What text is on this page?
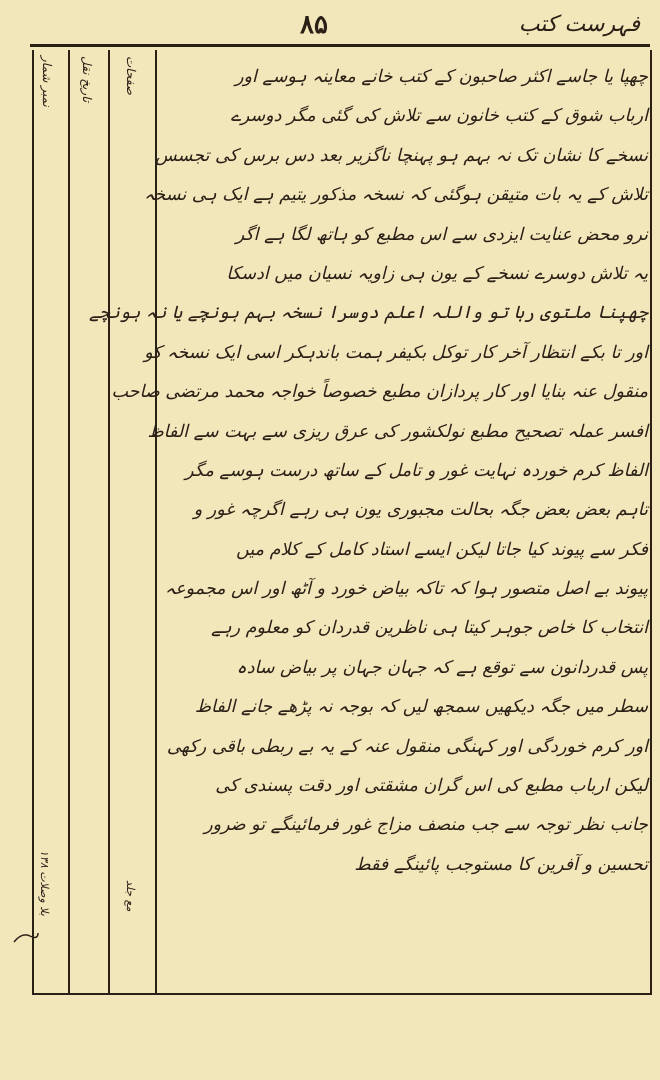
فہرست کتب
۸۵
نمبر شمار تاریخ نقل	صفحات
مع جلد
بلا وصلات ۱۳۸
چھپا یا جاسے اکثر صاحبون کے کتب خانے معاینہ ہوسے اور
ارباب شوق کے کتب خانون سے تلاش کی گئی مگر دوسرے
نسخے کا نشان تک نہ بہم ہو پہنچا ناگزیر بعد دس برس کی تجسس
تلاش کے یہ بات متیقن ہوگئی کہ نسخہ مذکور یتیم ہے ایک ہی نسخہ
نرو محض عنایت ایزدی سے اس مطبع کو ہاتھ لگا ہے اگر
یہ تلاش دوسرے نسخے کے یون ہی زاویہ نسیان میں ادسکا
چھپنا ملتوی رہا تو واللہ اعلم دوسرا نسخہ بہم ہونچے یا نہ ہونچے
اور تا بکے انتظار آخر کار توکل بکیفر ہمت باندہکر اسی ایک نسخہ کو
منقول عنہ بنایا اور کار پردازان مطبع خصوصاً خواجہ محمد مرتضی صاحب
افسر عملہ تصحیح مطبع نولکشور کی عرق ریزی سے بہت سے الفاظ
الفاظ کرم خوردہ نہایت غور و تامل کے ساتھ درست ہوسے مگر
تاہم بعض بعض جگہ بحالت مجبوری یون ہی رہے اگرچہ غور و
فکر سے پیوند کیا جاتا لیکن ایسے استاد کامل کے کلام میں
پیوند بے اصل متصور ہوا کہ تاکہ بیاض خورد و آٹھ اور اس مجموعہ
انتخاب کا خاص جوہر کیتا ہی ناظرین قدردان کو معلوم رہے
پس قدردانون سے توقع ہے کہ جہان جہان پر بیاض سادہ
سطر میں جگہ دیکھیں سمجھ لیں کہ بوجہ نہ پڑھے جانے الفاظ
اور کرم خوردگی اور کہنگی منقول عنہ کے یہ بے ربطی باقی رکھی
لیکن ارباب مطبع کی اس گران مشقتی اور دقت پسندی کی
جانب نظر توجہ سے جب منصف مزاج غور فرمائینگے تو ضرور
تحسین و آفرین کا مستوجب پائینگے فقط
